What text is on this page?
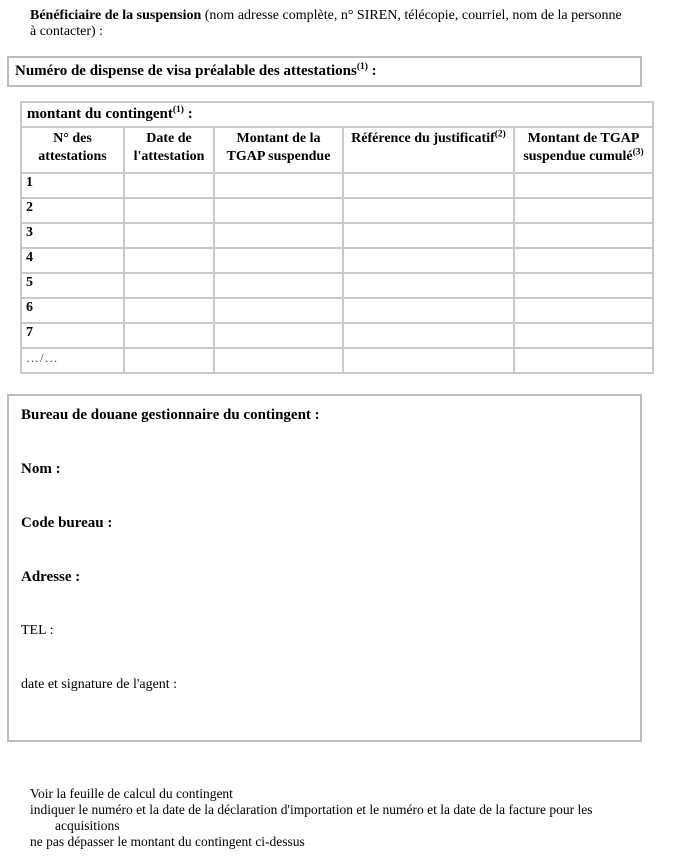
Bénéficiaire de la suspension (nom adresse complète, n° SIREN, télécopie, courriel, nom de la personne
à contacter) :

Numéro de dispense de visa préalable des attestations$^{(1)}$ :
montant du contingent$^{(1)}$ :				
N° des attestations	Date de l'attestation	Montant de la TGAP suspendue	Référence du justificatif$^{(2)}$	Montant de TGAP suspendue cumulé$^{(3)}$
1				
2				
3				
4				
5				
6				
7				
…/…				

Bureau de douane gestionnaire du contingent :

Nom :

Code bureau :

Adresse :

TEL :

date et signature de l'agent :

Voir la feuille de calcul du contingent
indiquer le numéro et la date de la déclaration d'importation et le numéro et la date de la facture pour les
acquisitions
ne pas dépasser le montant du contingent ci-dessus
